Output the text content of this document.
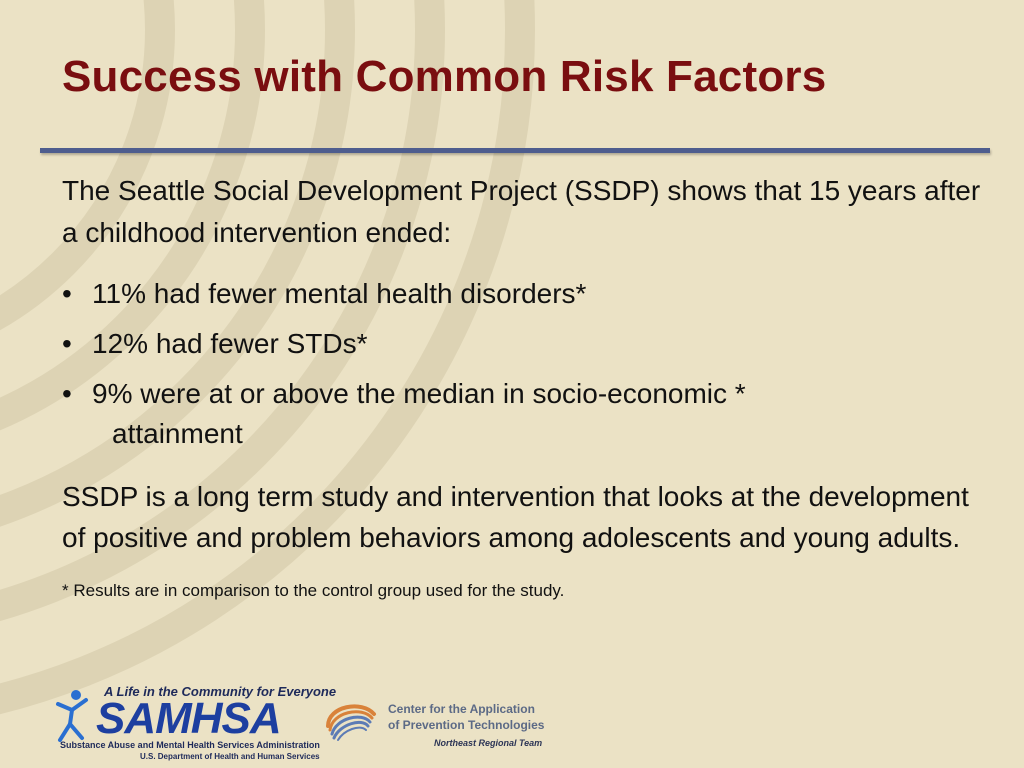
Success with Common Risk Factors

The Seattle Social Development Project (SSDP) shows that 15 years after a childhood intervention ended:

• 11% had fewer mental health disorders*
• 12% had fewer STDs*
• 9% were at or above the median in socio-economic *
attainment

SSDP is a long term study and intervention that looks at the development of positive and problem behaviors among adolescents and young adults.

* Results are in comparison to the control group used for the study.

A Life in the Community for Everyone
SAMHSA
Substance Abuse and Mental Health Services Administration
U.S. Department of Health and Human Services
Center for the Application
of Prevention Technologies
Northeast Regional Team
